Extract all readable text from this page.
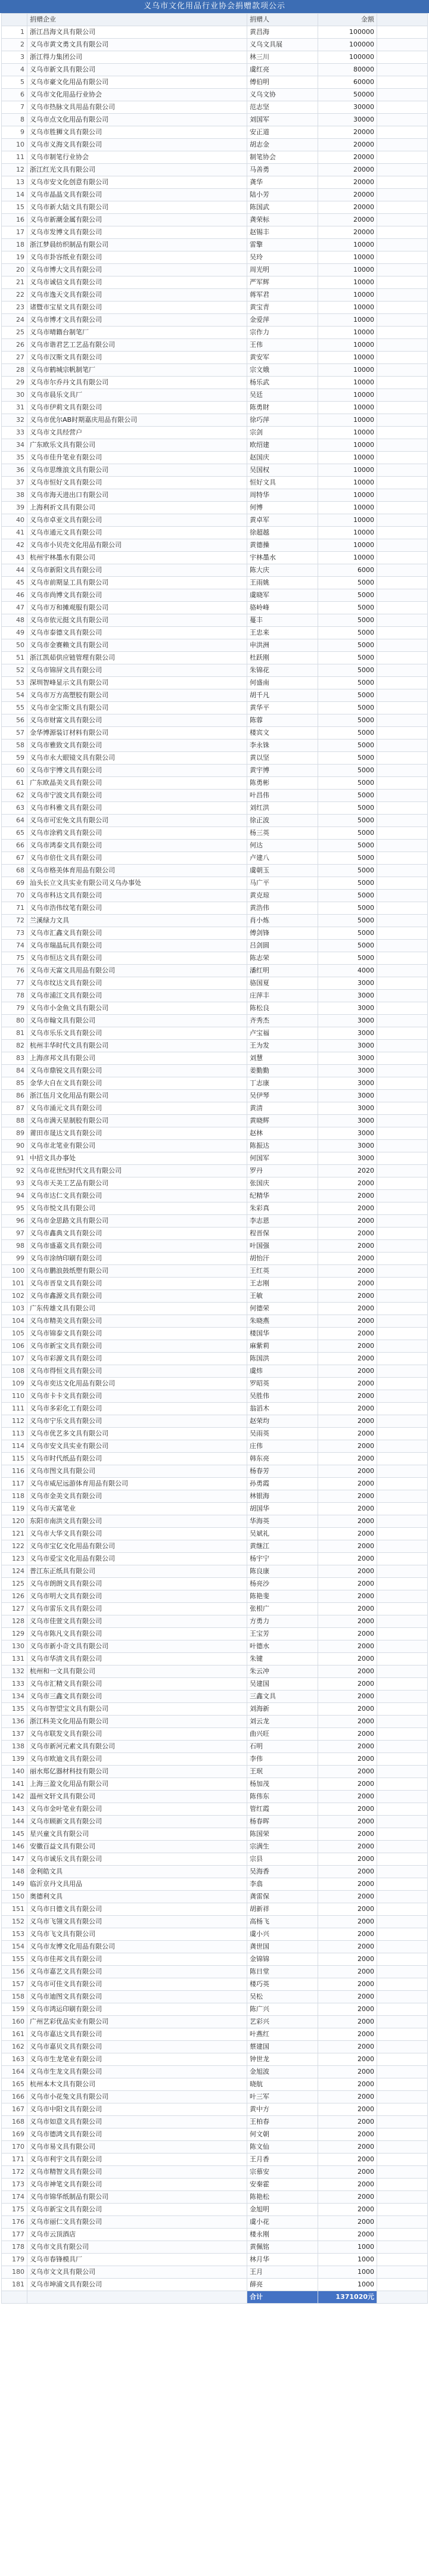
义乌市文化用品行业协会捐赠款项公示
	捐赠企业	捐赠人	金额	
1	浙江昌海文具有限公司	黄昌海	100000	
2	义乌市黄文勇文具有限公司	义乌文具展	100000	
3	浙江得力集团公司	林三川	100000	
4	义乌市新文具有限公司	虞红亮	80000	
5	义乌市豪文化用品有限公司	傅伯明	60000	
6	义乌市文化用品行业协会	义乌文协	50000	
7	义乌市热脉文具用品有限公司	范志坚	30000	
8	义乌市点文化用品有限公司	刘国军	30000	
9	义乌市胜狮文具有限公司	安正道	20000	
10	义乌市义海文具有限公司	胡志金	20000	
11	义乌市制笔行业协会	制笔协会	20000	
12	浙江红光文具有限公司	马善勇	20000	
13	义乌市安文化创意有限公司	龚华	20000	
14	义乌市晶晶文具有限公司	陆小芳	20000	
15	义乌市新大陆文具有限公司	陈国武	20000	
16	义乌市新潮金属有限公司	龚荣标	20000	
17	义乌市发博文具有限公司	赵锡丰	20000	
18	浙江梦晨纺织制品有限公司	雷擎	10000	
19	义乌市卦容纸业有限公司	吴玲	10000	
20	义乌市博大文具有限公司	周光明	10000	
21	义乌市诚信文具有限公司	严军辉	10000	
22	义乌市逸天文具有限公司	蒋军君	10000	
23	诸暨市宝星文具有限公司	黄宝青	10000	
24	义乌市博才文具有限公司	金爱萍	10000	
25	义乌市晴籍台制笔厂	宗作力	10000	
26	义乌市谐君艺工艺品有限公司	王伟	10000	
27	义乌市汉斯文具有限公司	黄安军	10000	
28	义乌市鹤城宗帆制笔厂	宗文娥	10000	
29	义乌市尔乔丹文具有限公司	杨乐武	10000	
30	义乌市晨乐文具厂	吴廷	10000	
31	义乌市伊莉文具有限公司	陈勇財	10000	
32	义乌市优尔AB时期嘉庆用品有限公司	徐巧萍	10000	
33	义乌市文具经营户	宗剑	10000	
34	广东欧乐文具有限公司	欧绍建	10000	
35	义乌市佳升笔业有限公司	赵国庆	10000	
36	义乌市思维浪文具有限公司	吴国权	10000	
37	义乌市恒好文具有限公司	恒好文具	10000	
38	义乌市海天进出口有限公司	周特华	10000	
39	上海利祈文具有限公司	何博	10000	
40	义乌市卓亚文具有限公司	黄卓军	10000	
41	义乌市通元文具有限公司	徐超越	10000	
42	义乌市小贝壳文化用品有限公司	黄德操	10000	
43	杭州宇林墨水有限公司	宇林墨水	10000	
44	义乌市新阳文具有限公司	陈大庆	6000	
45	义乌市前期显工具有限公司	王雨姚	5000	
46	义乌市尚博文具有限公司	虞晓军	5000	
47	义乌市万和摊观服有限公司	骆岭峰	5000	
48	义乌市依元挺文具有限公司	蔓丰	5000	
49	义乌市泰德文具有限公司	王忠来	5000	
50	义乌市金赛赖文具有限公司	申洪洲	5000	
51	浙江凯茹供应链管理有限公司	杜跃刚	5000	
52	义乌市锦屏文具有限公司	朱锦花	5000	
53	深圳智峰显示文具有限公司	何盛南	5000	
54	义乌市万方高塑胶有限公司	胡千凡	5000	
55	义乌市金宝斯文具有限公司	黄华平	5000	
56	义乌市财富文具有限公司	陈蓉	5000	
57	金华博源装订材料有限公司	楼宾文	5000	
58	义乌市雅致文具有限公司	李永铢	5000	
59	义乌市永大眼镜文具有限公司	黄以坚	5000	
60	义乌市宇博文具有限公司	黄宇博	5000	
61	广东欧晶美文具有限公司	陈勇彬	5000	
62	义乌市宁波文具有限公司	叶昌伟	5000	
63	义乌市科雅文具有限公司	刘红洪	5000	
64	义乌市可宏免文具有限公司	徐正波	5000	
65	义乌市涂鸦文具有限公司	杨三英	5000	
66	义乌市鸿泰文具有限公司	何达	5000	
67	义乌市倍仕文具有限公司	卢建八	5000	
68	义乌市格美体育用品有限公司	虞朝玉	5000	
69	汕头长立文具实业有限公司义乌办事处	马广平	5000	
70	义乌市科达文具有限公司	黄克琼	5000	
71	义乌市浩伟纹笔有限公司	黄浩伟	5000	
72	兰溪绿力文具	肖小炼	5000	
73	义乌市汇鑫文具有限公司	傅剑锋	5000	
74	义乌市瑞晶玩具有限公司	吕剑圆	5000	
75	义乌市恒达文具有限公司	陈志荣	5000	
76	义乌市天富文具用品有限公司	潘红明	4000	
77	义乌市纹达文具有限公司	骆国夏	3000	
78	义乌市浦江文具有限公司	庄萍丰	3000	
79	义乌市小金鱼文具有限公司	陈松良	3000	
80	义乌市翰文具有限公司	齐秀杰	3000	
81	义乌市乐乐文具有限公司	卢宝福	3000	
82	杭州丰华时代文具有限公司	王为发	3000	
83	上海彦邦文具有限公司	刘慧	3000	
84	义乌市鼎锐文具有限公司	姜勤勤	3000	
85	金华大自在文具有限公司	丁志康	3000	
86	浙江伍月文化用品有限公司	吴伊琴	3000	
87	义乌市涌元文具有限公司	黄清	3000	
88	义乌市满天星制胶有限公司	黄晓辉	3000	
89	莆田市晟达文具有限公司	赵林	3000	
90	义乌市北笔业有限公司	陈振达	3000	
91	中招文具办事处	何国军	3000	
92	义乌市花世纪时代文具有限公司	罗丹	2020	
93	义乌市天美工艺品有限公司	张国庆	2000	
94	义乌市达仁文具有限公司	纪精华	2000	
95	义乌市悦文具有限公司	朱彩真	2000	
96	义乌市金思路文具有限公司	李志恩	2000	
97	义乌市鑫典文具有限公司	程晋保	2000	
98	义乌市盛嘉文具有限公司	叶国强	2000	
99	义乌市涂纳印刷有限公司	胡怡汗	2000	
100	义乌市鹏浪鼓纸塑有限公司	王红英	2000	
101	义乌市晋皇文具有限公司	王志刚	2000	
102	义乌市鑫源文具有限公司	王敏	2000	
103	广东传雄文具有限公司	何德荣	2000	
104	义乌市精美文具有限公司	朱晓燕	2000	
105	义乌市锦泰文具有限公司	楼国华	2000	
106	义乌市新宝文具有限公司	麻紫莉	2000	
107	义乌市彩源文具有限公司	陈国洪	2000	
108	义乌市得恒文具有限公司	虞炜	2000	
109	义乌市奕达文化用品有限公司	罗昭英	2000	
110	义乌市卡卡文具有限公司	吴胜伟	2000	
111	义乌市多彩化工有限公司	翁滔木	2000	
112	义乌市宁乐文具有限公司	赵荣均	2000	
113	义乌市优艺多文具有限公司	吴雨英	2000	
114	义乌市安文具实业有限公司	庄伟	2000	
115	义乌市时代纸品有限公司	韩东亮	2000	
116	义乌市图文具有限公司	杨春芳	2000	
117	义乌市威尼远游体育用品有限公司	孙勇霞	2000	
118	义乌市金美文具有限公司	林银海	2000	
119	义乌市天富笔业	胡国华	2000	
120	东阳市南洪文具有限公司	华海英	2000	
121	义乌市大华文具有限公司	吴斌礼	2000	
122	义乌市宝亿文化用品有限公司	黄继江	2000	
123	义乌市爱宝文化用品有限公司	杨宇宁	2000	
124	普江东正纸具有限公司	陈良康	2000	
125	义乌市朗朗文具有限公司	杨亮沙	2000	
126	义乌市明大文具有限公司	陈艳斐	2000	
127	义乌市雷乐文具有限公司	张根广	2000	
128	义乌市佳萱文具有限公司	方勇力	2000	
129	义乌市陈凡文具有限公司	王宝芳	2000	
130	义乌市新小奇文具有限公司	叶德水	2000	
131	义乌市华清文具有限公司	朱键	2000	
132	杭州和一文具有限公司	朱云冲	2000	
133	义乌市汇精文具有限公司	吴建国	2000	
134	义乌市三鑫文具有限公司	三鑫文具	2000	
135	义乌市智望宝文具有限公司	刘海新	2000	
136	浙江科美文化用品有限公司	刘云龙	2000	
137	义乌市联发文具有限公司	曲兴旺	2000	
138	义乌市新河元素文具有限公司	石明	2000	
139	义乌市欧迪文具有限公司	李伟	2000	
140	丽水郑亿器材科技有限公司	王珉	2000	
141	上海三盈文化用品有限公司	杨加茂	2000	
142	温州文轩文具有限公司	陈伟东	2000	
143	义乌市金叶笔业有限公司	管红霞	2000	
144	义乌市顾新文具有限公司	杨春晖	2000	
145	星兴童文具有限公司	陈国荣	2000	
146	安徽百益文具有限公司	宗满生	2000	
147	义乌市诚乐文具有限公司	宗县	2000	
148	金利皓文具	吴海香	2000	
149	临沂京丹文具用品	李翕	2000	
150	奥德利文具	龚雷保	2000	
151	义乌市日德文具有限公司	胡新祥	2000	
152	义乌市飞翎文具有限公司	高杨飞	2000	
153	义乌市飞文具有限公司	虞小兴	2000	
154	义乌市友博文化用品有限公司	龚世国	2000	
155	义乌市佳邦文具有限公司	金锦锦	2000	
156	义乌市嘉艺文具有限公司	陈日堂	2000	
157	义乌市可佳文具有限公司	楼巧英	2000	
158	义乌市迪图文具有限公司	吴松	2000	
159	义乌市鸿运印刷有限公司	陈广兴	2000	
160	广州艺彩优品实业有限公司	艺彩兴	2000	
161	义乌市嘉达文具有限公司	叶燕红	2000	
162	义乌市嘉贝文具有限公司	蔡建国	2000	
163	义乌市生龙笔业有限公司	钟世龙	2000	
164	义乌市生龙文具有限公司	金旭波	2000	
165	杭州本木文具有限公司	晓航	2000	
166	义乌市小花兔文具有限公司	叶三军	2000	
167	义乌市中阳文具有限公司	黄中方	2000	
168	义乌市如意文具有限公司	王柏春	2000	
169	义乌市德鸿文具有限公司	何文朝	2000	
170	义乌市易文具有限公司	陈文仙	2000	
171	义乌市利宇文具有限公司	王月香	2000	
172	义乌市精智文具有限公司	宗慕安	2000	
173	义乌市神笔文具有限公司	安秦霍	2000	
174	义乌市锦华纸制品有限公司	陈艳松	2000	
175	义乌市新宝文具有限公司	金旭明	2000	
176	义乌市丽仁文具有限公司	虞小花	2000	
177	义乌市云顶酒店	楼永刚	2000	
178	义乌市文具有限公司	黄佩铭	1000	
179	义乌市春锋模具厂	林月华	1000	
180	义乌市文文具有限公司	王月	1000	
181	义乌市坤浦文具有限公司	薛亮	1000	
		合计	1371020元	
